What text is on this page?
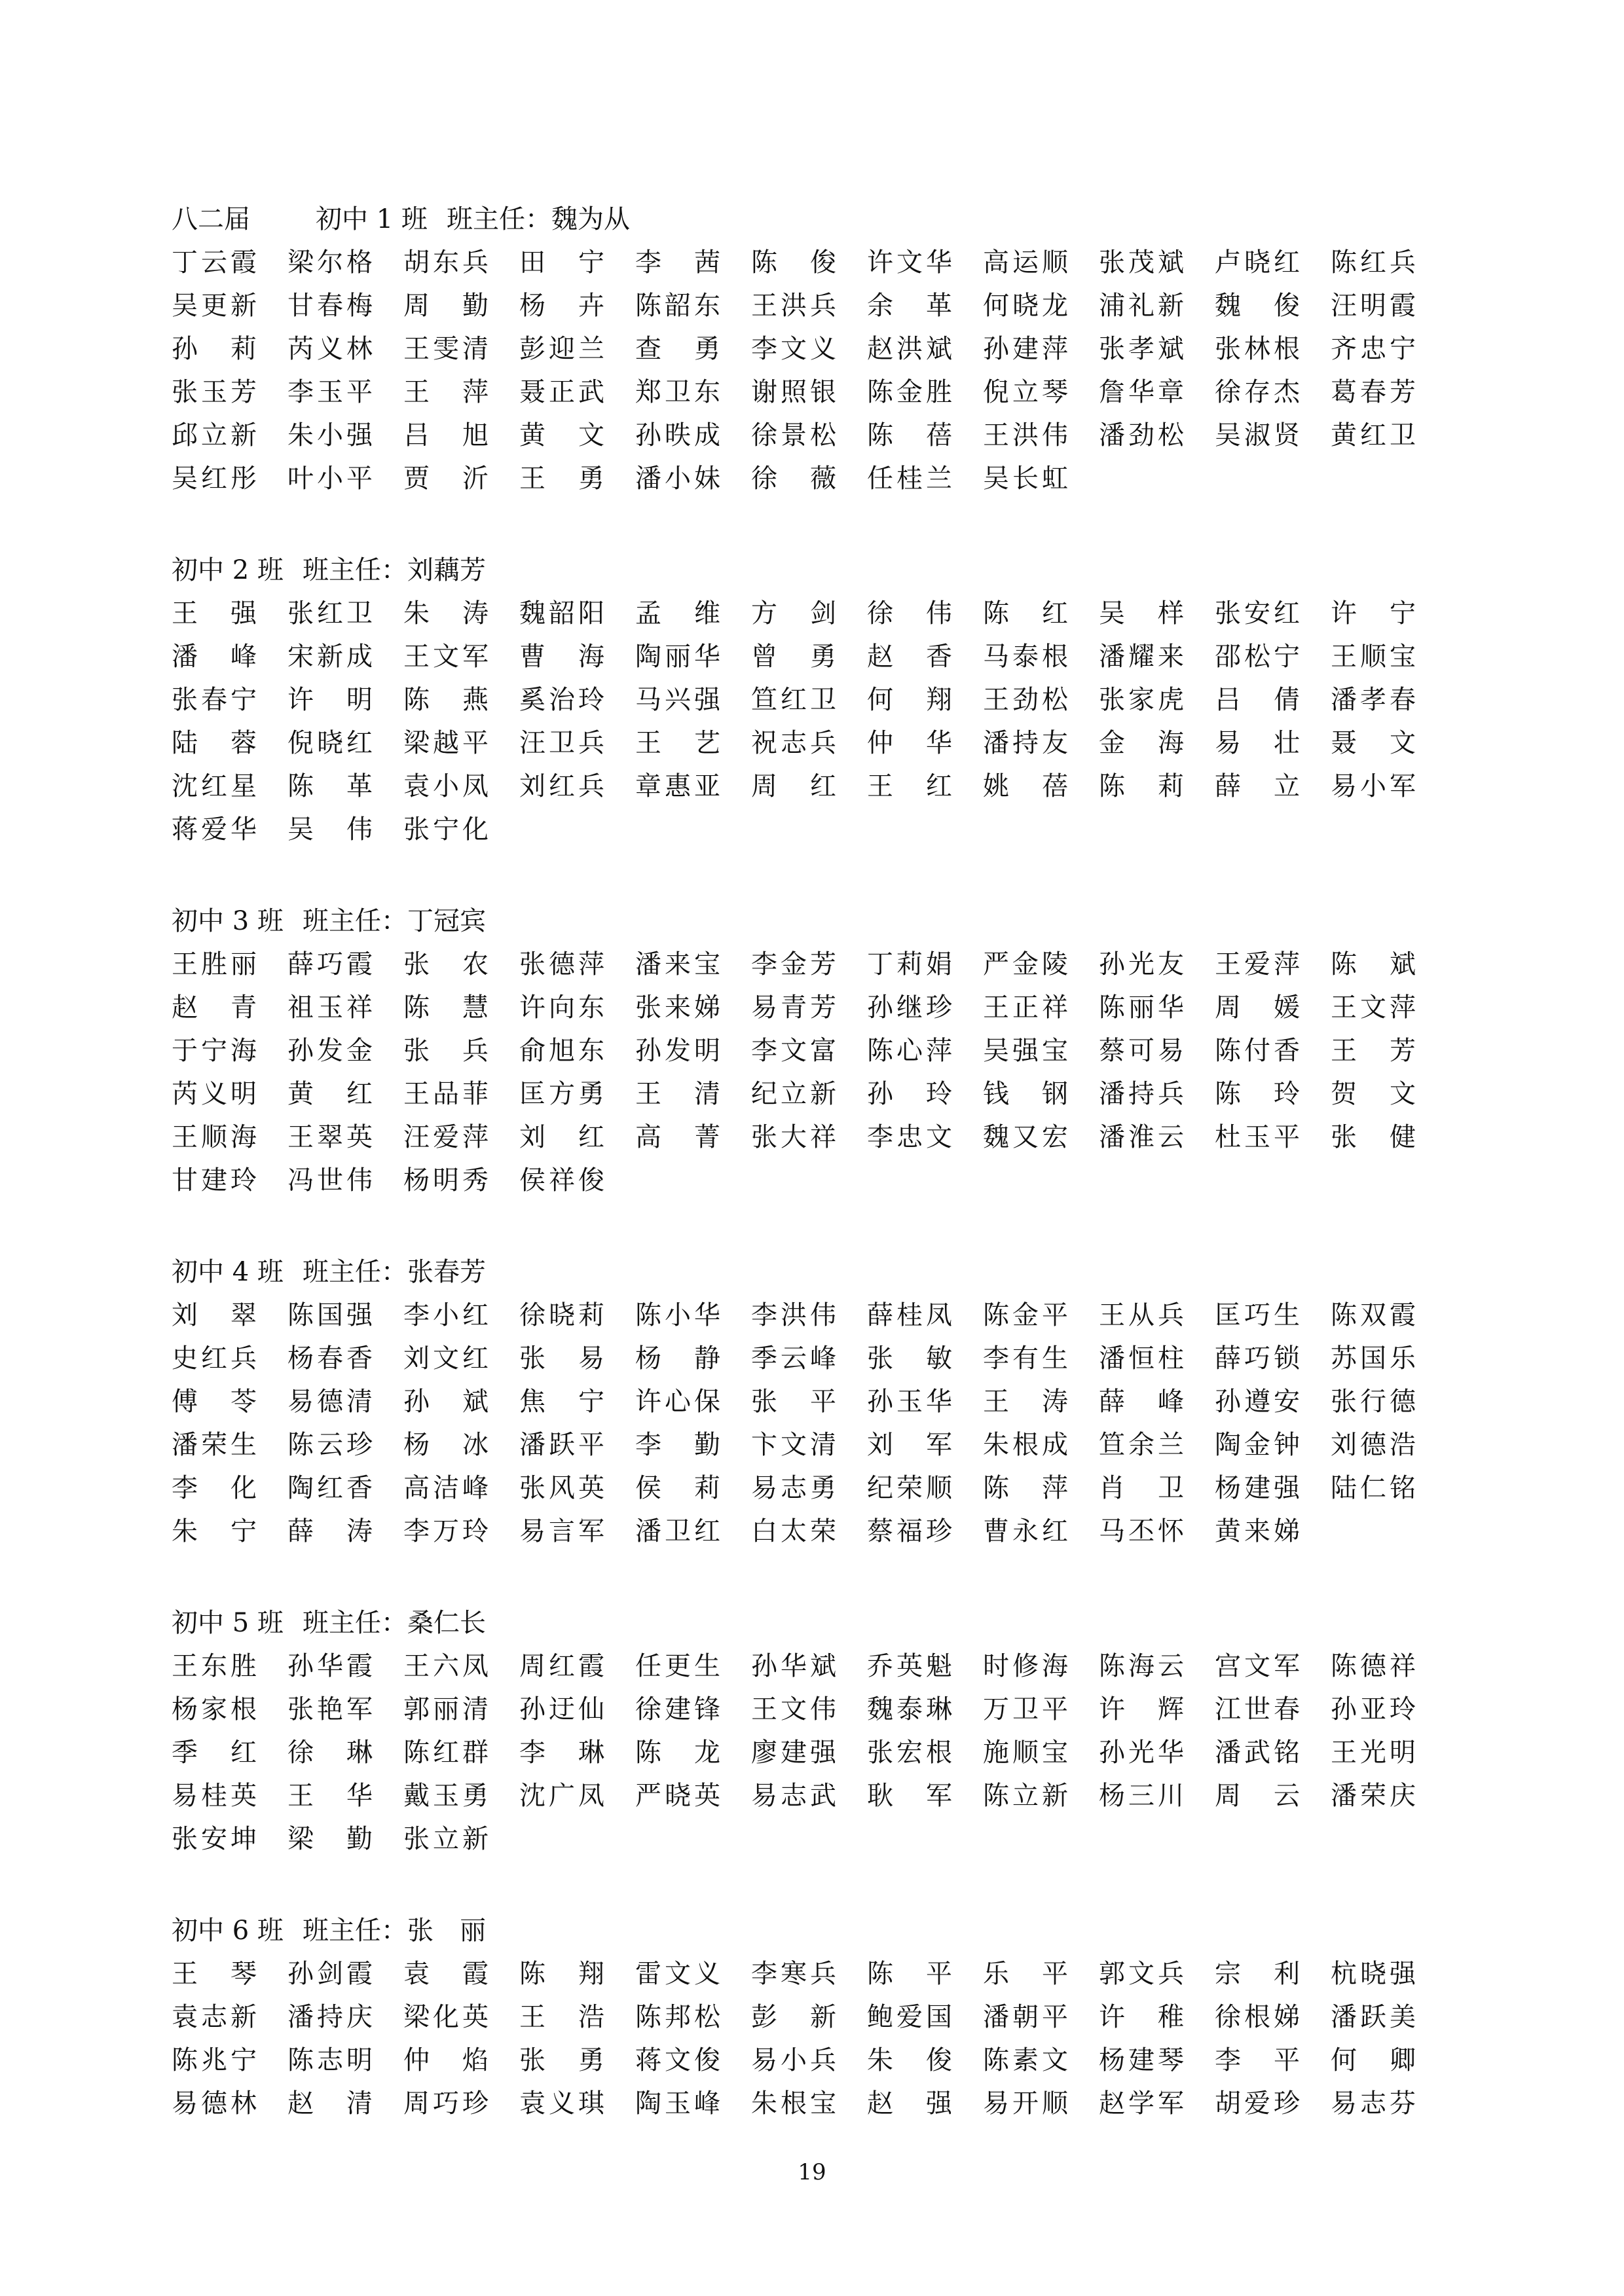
八二届	初中 1 班 班主任：魏为从
丁云霞 梁尔格 胡东兵 田 宁 李 茜 陈 俊 许文华 高运顺 张茂斌 卢晓红 陈红兵
吴更新 甘春梅 周 勤 杨 卉 陈韶东 王洪兵 余 革 何晓龙 浦礼新 魏 俊 汪明霞
孙 莉 芮义林 王雯清 彭迎兰 查 勇 李文义 赵洪斌 孙建萍 张孝斌 张林根 齐忠宁
张玉芳 李玉平 王 萍 聂正武 郑卫东 谢照银 陈金胜 倪立琴 詹华章 徐存杰 葛春芳
邱立新 朱小强 吕 旭 黄 文 孙昳成 徐景松 陈 蓓 王洪伟 潘劲松 吴淑贤 黄红卫
吴红彤 叶小平 贾 沂 王 勇 潘小妹 徐 薇 任桂兰 吴长虹
初中 2 班 班主任：刘藕芳
王 强 张红卫 朱 涛 魏韶阳 孟 维 方 剑 徐 伟 陈 红 吴 样 张安红 许 宁
潘 峰 宋新成 王文军 曹 海 陶丽华 曾 勇 赵 香 马泰根 潘耀来 邵松宁 王顺宝
张春宁 许 明 陈 燕 奚治玲 马兴强 笪红卫 何 翔 王劲松 张家虎 吕 倩 潘孝春
陆 蓉 倪晓红 梁越平 汪卫兵 王 艺 祝志兵 仲 华 潘持友 金 海 易 壮 聂 文
沈红星 陈 革 袁小凤 刘红兵 章惠亚 周 红 王 红 姚 蓓 陈 莉 薛 立 易小军
蒋爱华 吴 伟 张宁化
初中 3 班 班主任：丁冠宾
王胜丽 薛巧霞 张 农 张德萍 潘来宝 李金芳 丁莉娟 严金陵 孙光友 王爱萍 陈 斌
赵 青 祖玉祥 陈 慧 许向东 张来娣 易青芳 孙继珍 王正祥 陈丽华 周 媛 王文萍
于宁海 孙发金 张 兵 俞旭东 孙发明 李文富 陈心萍 吴强宝 蔡可易 陈付香 王 芳
芮义明 黄 红 王品菲 匡方勇 王 清 纪立新 孙 玲 钱 钢 潘持兵 陈 玲 贺 文
王顺海 王翠英 汪爱萍 刘 红 高 菁 张大祥 李忠文 魏又宏 潘淮云 杜玉平 张 健
甘建玲 冯世伟 杨明秀 侯祥俊
初中 4 班 班主任：张春芳
刘 翠 陈国强 李小红 徐晓莉 陈小华 李洪伟 薛桂凤 陈金平 王从兵 匡巧生 陈双霞
史红兵 杨春香 刘文红 张 易 杨 静 季云峰 张 敏 李有生 潘恒柱 薛巧锁 苏国乐
傅 苓 易德清 孙 斌 焦 宁 许心保 张 平 孙玉华 王 涛 薛 峰 孙遵安 张行德
潘荣生 陈云珍 杨 冰 潘跃平 李 勤 卞文清 刘 军 朱根成 笪余兰 陶金钟 刘德浩
李 化 陶红香 高洁峰 张风英 侯 莉 易志勇 纪荣顺 陈 萍 肖 卫 杨建强 陆仁铭
朱 宁 薛 涛 李万玲 易言军 潘卫红 白太荣 蔡福珍 曹永红 马丕怀 黄来娣
初中 5 班 班主任：桑仁长
王东胜 孙华霞 王六凤 周红霞 任更生 孙华斌 乔英魁 时修海 陈海云 宫文军 陈德祥
杨家根 张艳军 郭丽清 孙迂仙 徐建锋 王文伟 魏泰琳 万卫平 许 辉 江世春 孙亚玲
季 红 徐 琳 陈红群 李 琳 陈 龙 廖建强 张宏根 施顺宝 孙光华 潘武铭 王光明
易桂英 王 华 戴玉勇 沈广凤 严晓英 易志武 耿 军 陈立新 杨三川 周 云 潘荣庆
张安坤 梁 勤 张立新
初中 6 班 班主任：张　丽
王 琴 孙剑霞 袁 霞 陈 翔 雷文义 李寒兵 陈 平 乐 平 郭文兵 宗 利 杭晓强
袁志新 潘持庆 梁化英 王 浩 陈邦松 彭 新 鲍爱国 潘朝平 许 稚 徐根娣 潘跃美
陈兆宁 陈志明 仲 焰 张 勇 蒋文俊 易小兵 朱 俊 陈素文 杨建琴 李 平 何 卿
易德林 赵 清 周巧珍 袁义琪 陶玉峰 朱根宝 赵 强 易开顺 赵学军 胡爱珍 易志芬
19
